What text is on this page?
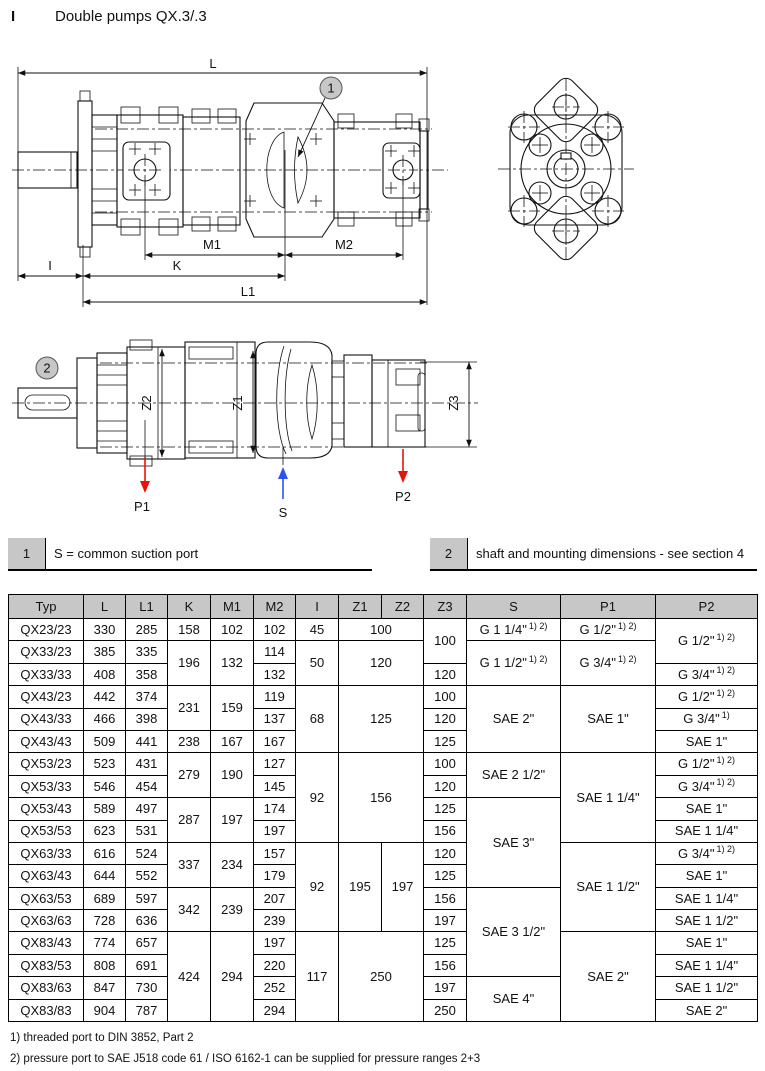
I	Double pumps QX.3/.3
1
L
M1	M2
I	K
L1
2
Z2	Z1	Z3
P1	S
P2
1	S = common suction port	2	shaft and mounting dimensions - see section 4
Typ	L	L1	K	M1	M2	I	Z1	Z2	Z3	S	P1	P2
QX23/23	330	285	158	102	102	45	100		100	G 1 1/4" $^{1) 2)}$	G 1/2" $^{1) 2)}$	G 1/2" $^{1) 2)}$
QX33/23	385	335	196	132	114	50	120			G 1 1/2" $^{1) 2)}$	G 3/4" $^{1) 2)}$
QX33/33	408	358			132				120			G 3/4" $^{1) 2)}$
QX43/23	442	374	231	159	119	68	125		100	SAE 2"	SAE 1"	G 1/2" $^{1) 2)}$
QX43/33	466	398			137				120			G 3/4" $^{1)}$
QX43/43	509	441	238	167	167				125			SAE 1"
QX53/23	523	431	279	190	127	92	156		100	SAE 2 1/2"	SAE 1 1/4"	G 1/2" $^{1) 2)}$
QX53/33	546	454			145				120			G 3/4" $^{1) 2)}$
QX53/43	589	497	287	197	174				125	SAE 3"		SAE 1"
QX53/53	623	531			197				156			SAE 1 1/4"
QX63/33	616	524	337	234	157	92	195	197	120		SAE 1 1/2"	G 3/4" $^{1) 2)}$
QX63/43	644	552			179				125			SAE 1"
QX63/53	689	597	342	239	207				156	SAE 3 1/2"		SAE 1 1/4"
QX63/63	728	636			239				197			SAE 1 1/2"
QX83/43	774	657	424	294	197	117	250		125		SAE 2"	SAE 1"
QX83/53	808	691			220				156			SAE 1 1/4"
QX83/63	847	730			252				197	SAE 4"		SAE 1 1/2"
QX83/83	904	787			294				250			SAE 2"
1) threaded port to DIN 3852, Part 2
2) pressure port to SAE J518 code 61 / ISO 6162-1 can be supplied for pressure ranges 2+3
